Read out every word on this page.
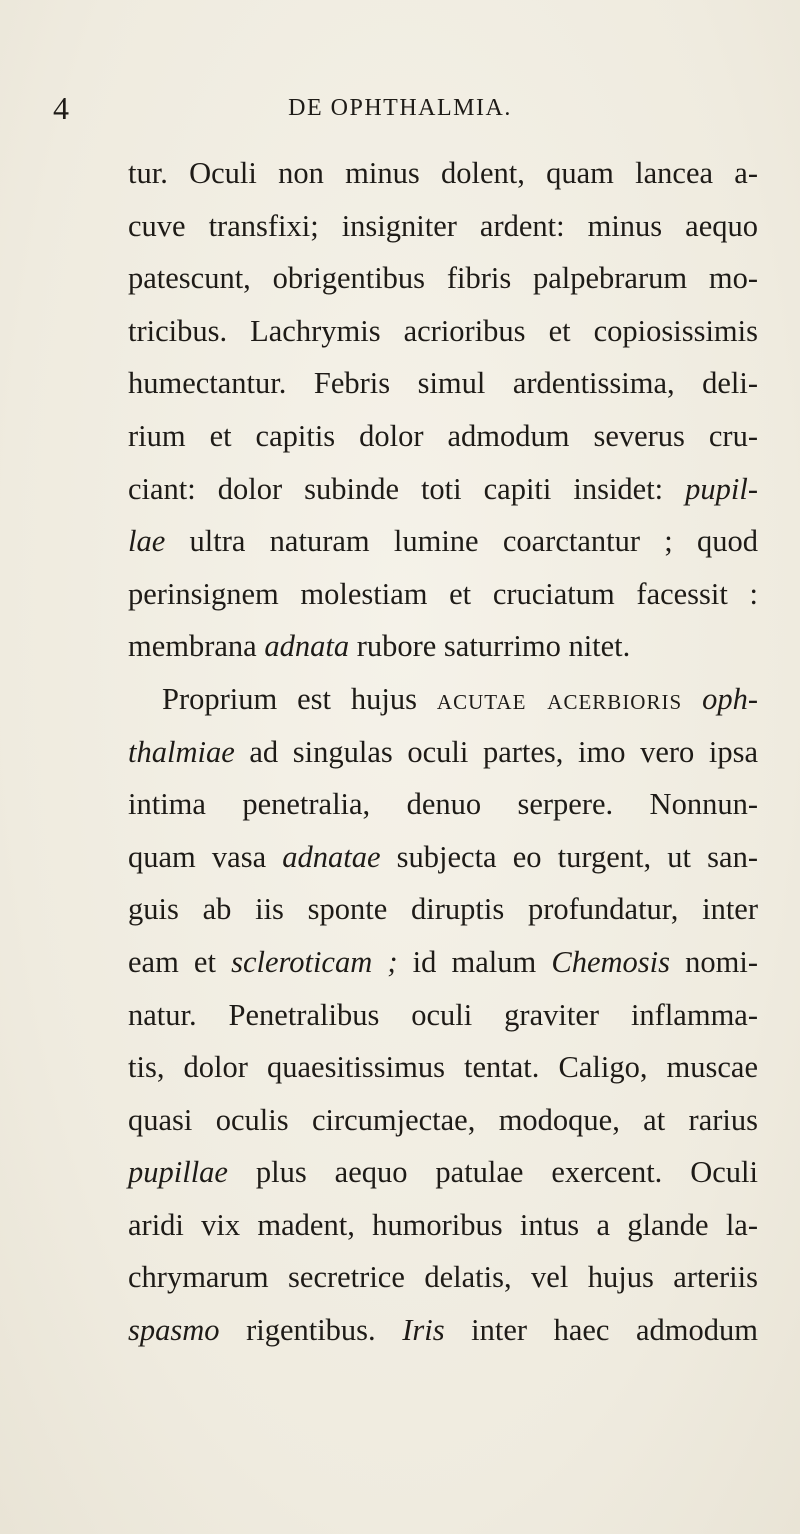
4	DE OPHTHALMIA.
tur. Oculi non minus dolent, quam lancea a-
cuve transfixi; insigniter ardent: minus aequo
patescunt, obrigentibus fibris palpebrarum mo-
tricibus. Lachrymis acrioribus et copiosissimis
humectantur. Febris simul ardentissima, deli-
rium et capitis dolor admodum severus cru-
ciant: dolor subinde toti capiti insidet: pupil-
lae ultra naturam lumine coarctantur ; quod
perinsignem molestiam et cruciatum facessit :
membrana adnata rubore saturrimo nitet.
Proprium est hujus acutae acerbioris oph-
thalmiae ad singulas oculi partes, imo vero ipsa
intima penetralia, denuo serpere. Nonnun-
quam vasa adnatae subjecta eo turgent, ut san-
guis ab iis sponte diruptis profundatur, inter
eam et scleroticam ; id malum Chemosis nomi-
natur. Penetralibus oculi graviter inflamma-
tis, dolor quaesitissimus tentat. Caligo, muscae
quasi oculis circumjectae, modoque, at rarius
pupillae plus aequo patulae exercent. Oculi
aridi vix madent, humoribus intus a glande la-
chrymarum secretrice delatis, vel hujus arteriis
spasmo rigentibus. Iris inter haec admodum
